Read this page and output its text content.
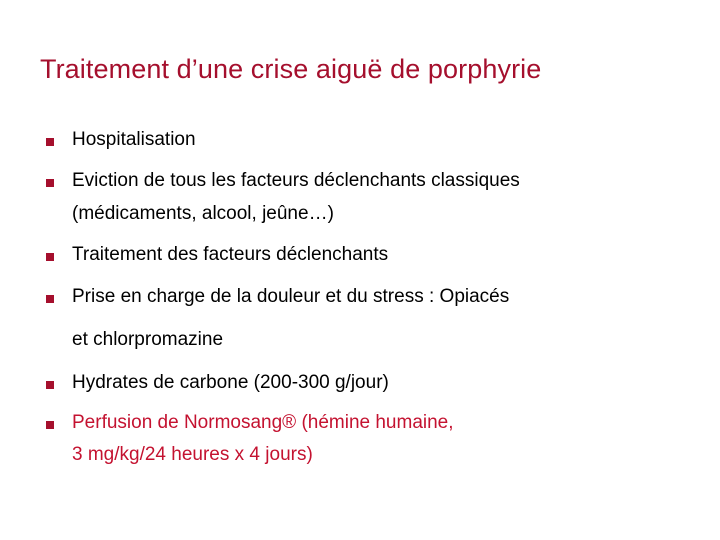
Traitement d’une crise aiguë de porphyrie
Hospitalisation
Eviction de tous les facteurs déclenchants classiques
(médicaments, alcool, jeûne…)
Traitement des facteurs déclenchants
Prise en charge de la douleur et du stress : Opiacés
et chlorpromazine
Hydrates de carbone (200-300 g/jour)
Perfusion de Normosang® (hémine humaine,
3 mg/kg/24 heures x 4 jours)
